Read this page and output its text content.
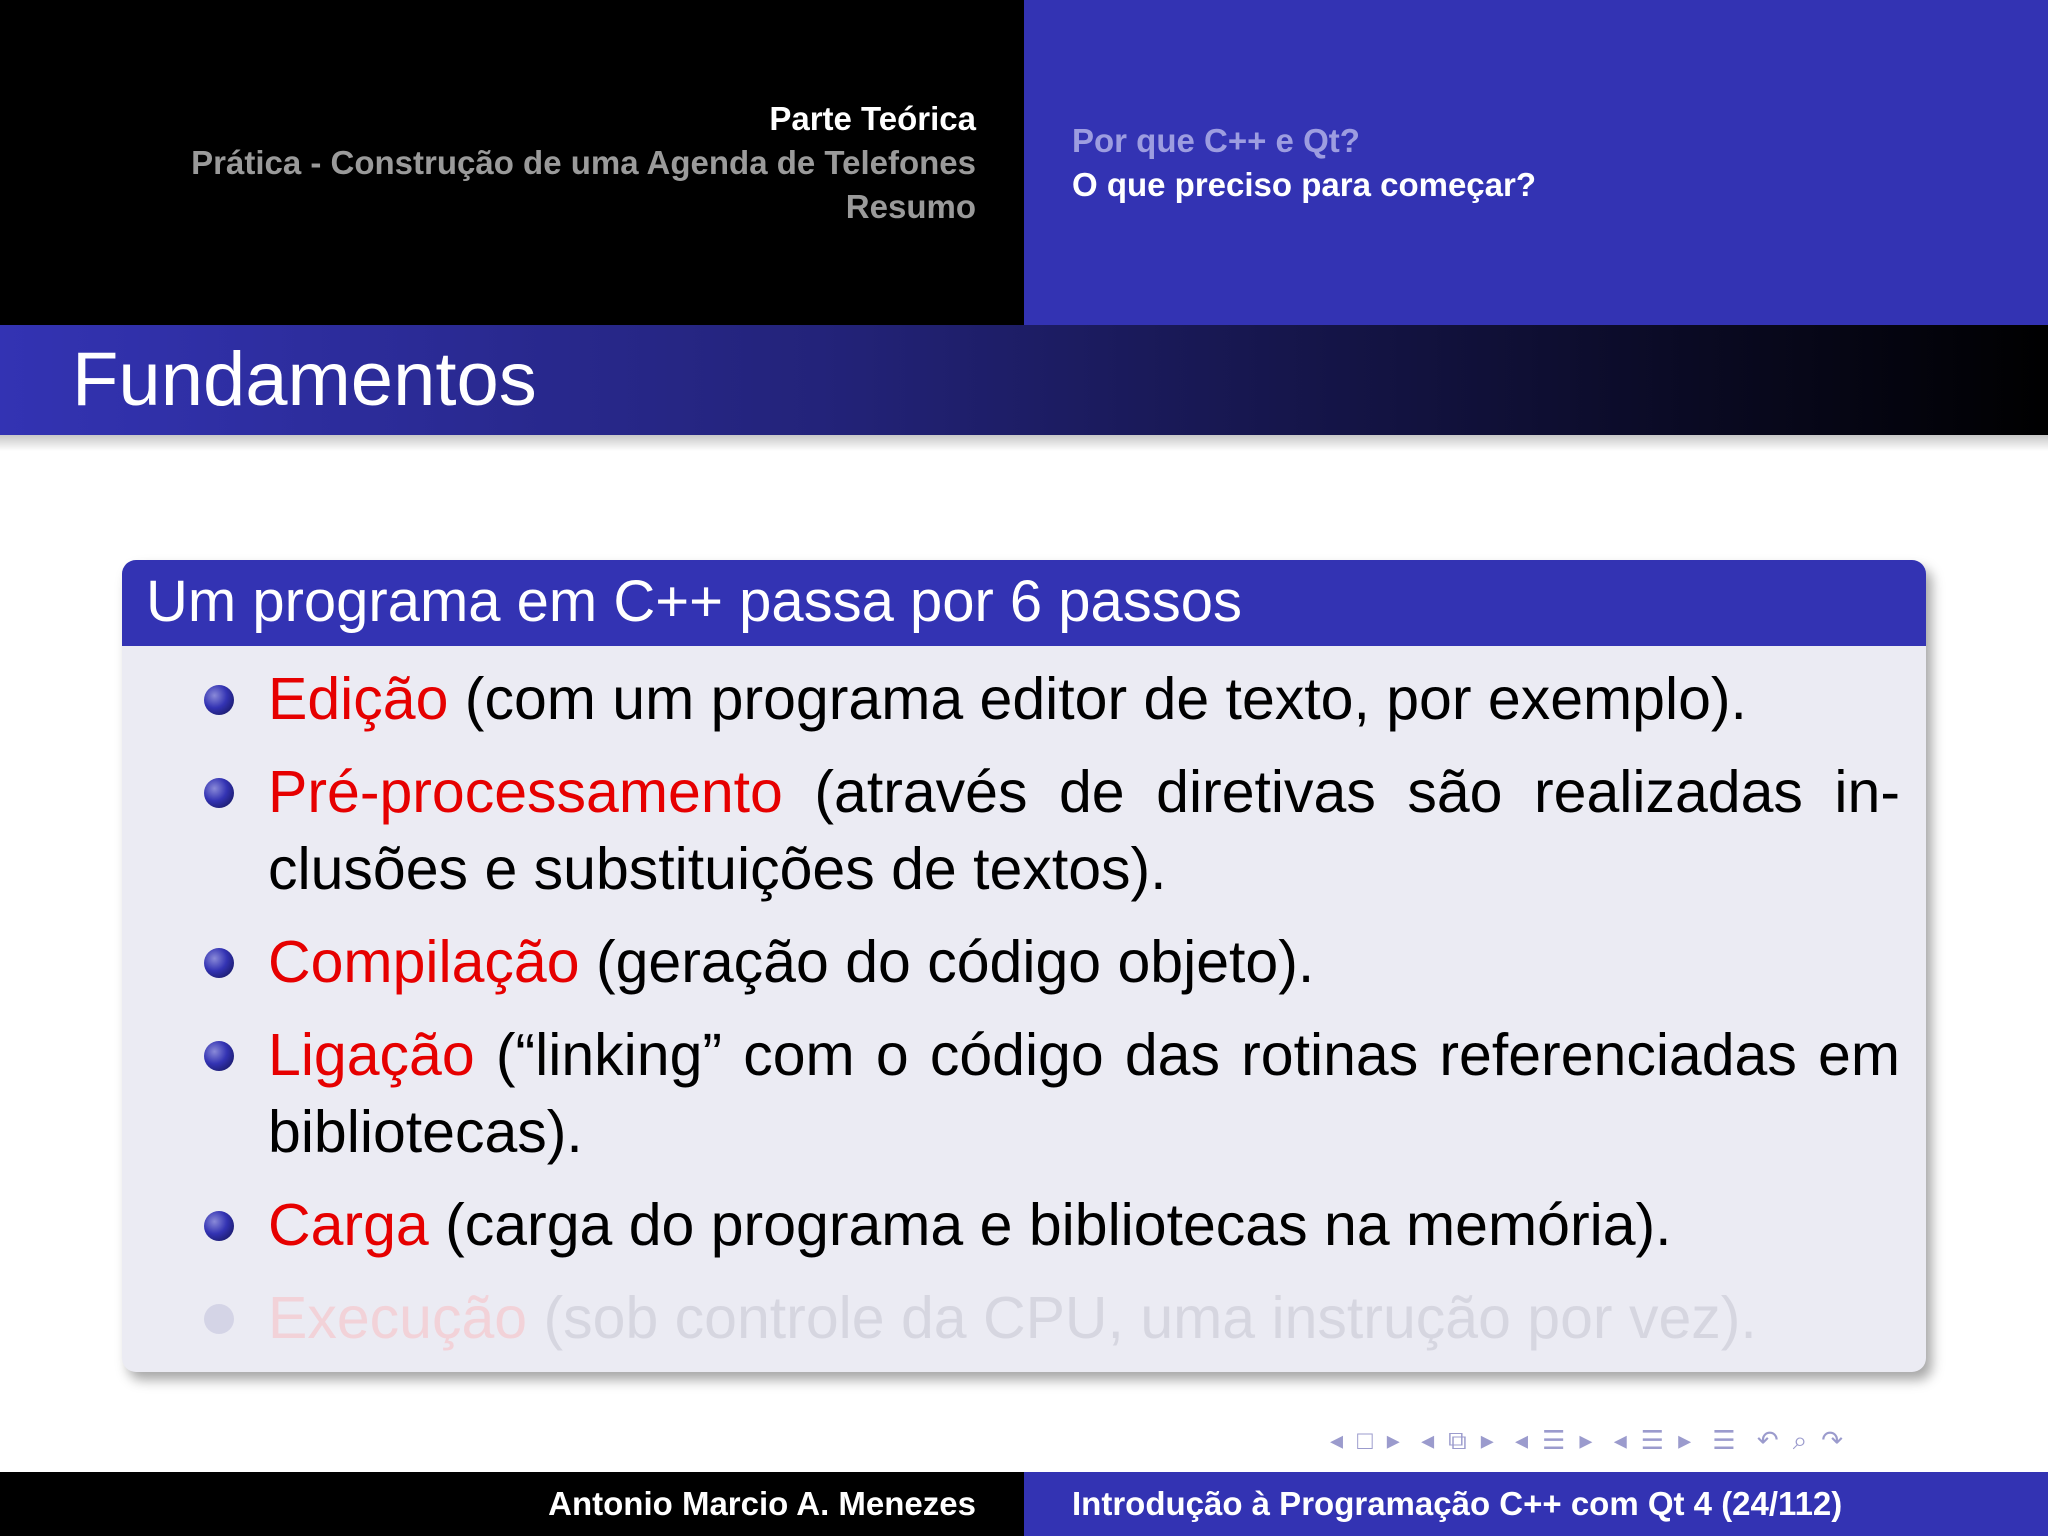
Parte Teórica
Prática - Construção de uma Agenda de Telefones
Resumo
Por que C++ e Qt?
O que preciso para começar?
Fundamentos
Um programa em C++ passa por 6 passos
Edição (com um programa editor de texto, por exemplo).
Pré-processamento (através de diretivas são realizadas in-clusões e substituições de textos).
Compilação (geração do código objeto).
Ligação (“linking” com o código das rotinas referenciadas em bibliotecas).
Carga (carga do programa e bibliotecas na memória).
Execução (sob controle da CPU, uma instrução por vez).
◂ □ ▸ ◂ ⧉ ▸ ◂ ☰ ▸ ◂ ☰ ▸ ☰ ↶ ⌕ ↷
Antonio Marcio A. Menezes	Introdução à Programação C++ com Qt 4 (24/112)
